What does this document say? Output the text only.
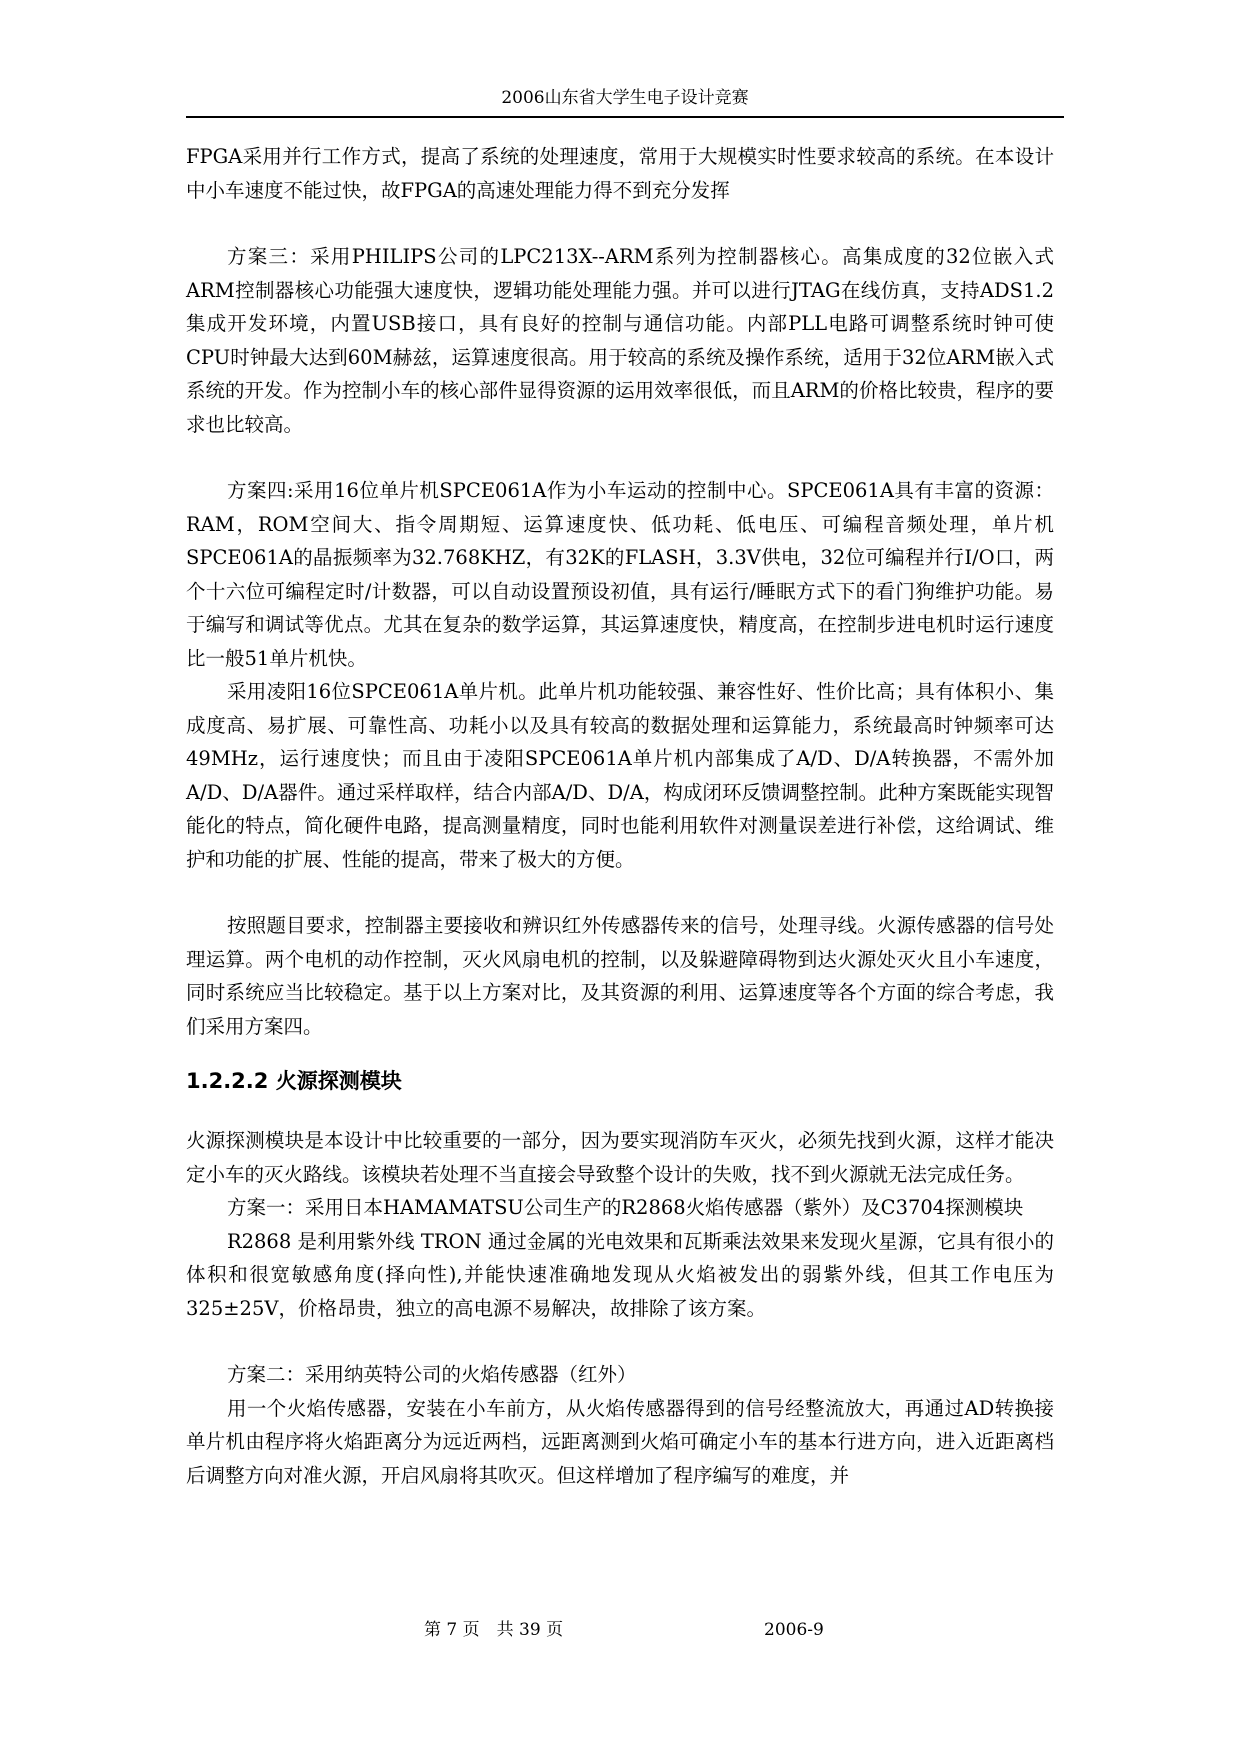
2006山东省大学生电子设计竞赛

FPGA采用并行工作方式，提高了系统的处理速度，常用于大规模实时性要求较高的系统。在本设计中小车速度不能过快，故FPGA的高速处理能力得不到充分发挥

方案三：采用PHILIPS公司的LPC213X--ARM系列为控制器核心。高集成度的32位嵌入式ARM控制器核心功能强大速度快，逻辑功能处理能力强。并可以进行JTAG在线仿真，支持ADS1.2集成开发环境，内置USB接口，具有良好的控制与通信功能。内部PLL电路可调整系统时钟可使CPU时钟最大达到60M赫兹，运算速度很高。用于较高的系统及操作系统，适用于32位ARM嵌入式系统的开发。作为控制小车的核心部件显得资源的运用效率很低，而且ARM的价格比较贵，程序的要求也比较高。

方案四:采用16位单片机SPCE061A作为小车运动的控制中心。SPCE061A具有丰富的资源：RAM，ROM空间大、指令周期短、运算速度快、低功耗、低电压、可编程音频处理，单片机SPCE061A的晶振频率为32.768KHZ，有32K的FLASH，3.3V供电，32位可编程并行I/O口，两个十六位可编程定时/计数器，可以自动设置预设初值，具有运行/睡眠方式下的看门狗维护功能。易于编写和调试等优点。尤其在复杂的数学运算，其运算速度快，精度高，在控制步进电机时运行速度比一般51单片机快。

采用凌阳16位SPCE061A单片机。此单片机功能较强、兼容性好、性价比高；具有体积小、集成度高、易扩展、可靠性高、功耗小以及具有较高的数据处理和运算能力，系统最高时钟频率可达49MHz，运行速度快；而且由于凌阳SPCE061A单片机内部集成了A/D、D/A转换器，不需外加A/D、D/A器件。通过采样取样，结合内部A/D、D/A，构成闭环反馈调整控制。此种方案既能实现智能化的特点，简化硬件电路，提高测量精度，同时也能利用软件对测量误差进行补偿，这给调试、维护和功能的扩展、性能的提高，带来了极大的方便。

按照题目要求，控制器主要接收和辨识红外传感器传来的信号，处理寻线。火源传感器的信号处理运算。两个电机的动作控制，灭火风扇电机的控制，以及躲避障碍物到达火源处灭火且小车速度，同时系统应当比较稳定。基于以上方案对比，及其资源的利用、运算速度等各个方面的综合考虑，我们采用方案四。

1.2.2.2 火源探测模块

火源探测模块是本设计中比较重要的一部分，因为要实现消防车灭火，必须先找到火源，这样才能决定小车的灭火路线。该模块若处理不当直接会导致整个设计的失败，找不到火源就无法完成任务。

方案一：采用日本HAMAMATSU公司生产的R2868火焰传感器（紫外）及C3704探测模块

R2868 是利用紫外线 TRON 通过金属的光电效果和瓦斯乘法效果来发现火星源，它具有很小的体积和很宽敏感角度(择向性),并能快速准确地发现从火焰被发出的弱紫外线，但其工作电压为325±25V，价格昂贵，独立的高电源不易解决，故排除了该方案。

方案二：采用纳英特公司的火焰传感器（红外）

用一个火焰传感器，安装在小车前方，从火焰传感器得到的信号经整流放大，再通过AD转换接单片机由程序将火焰距离分为远近两档，远距离测到火焰可确定小车的基本行进方向，进入近距离档后调整方向对准火源，开启风扇将其吹灭。但这样增加了程序编写的难度，并

第 7 页　共 39 页	2006-9
